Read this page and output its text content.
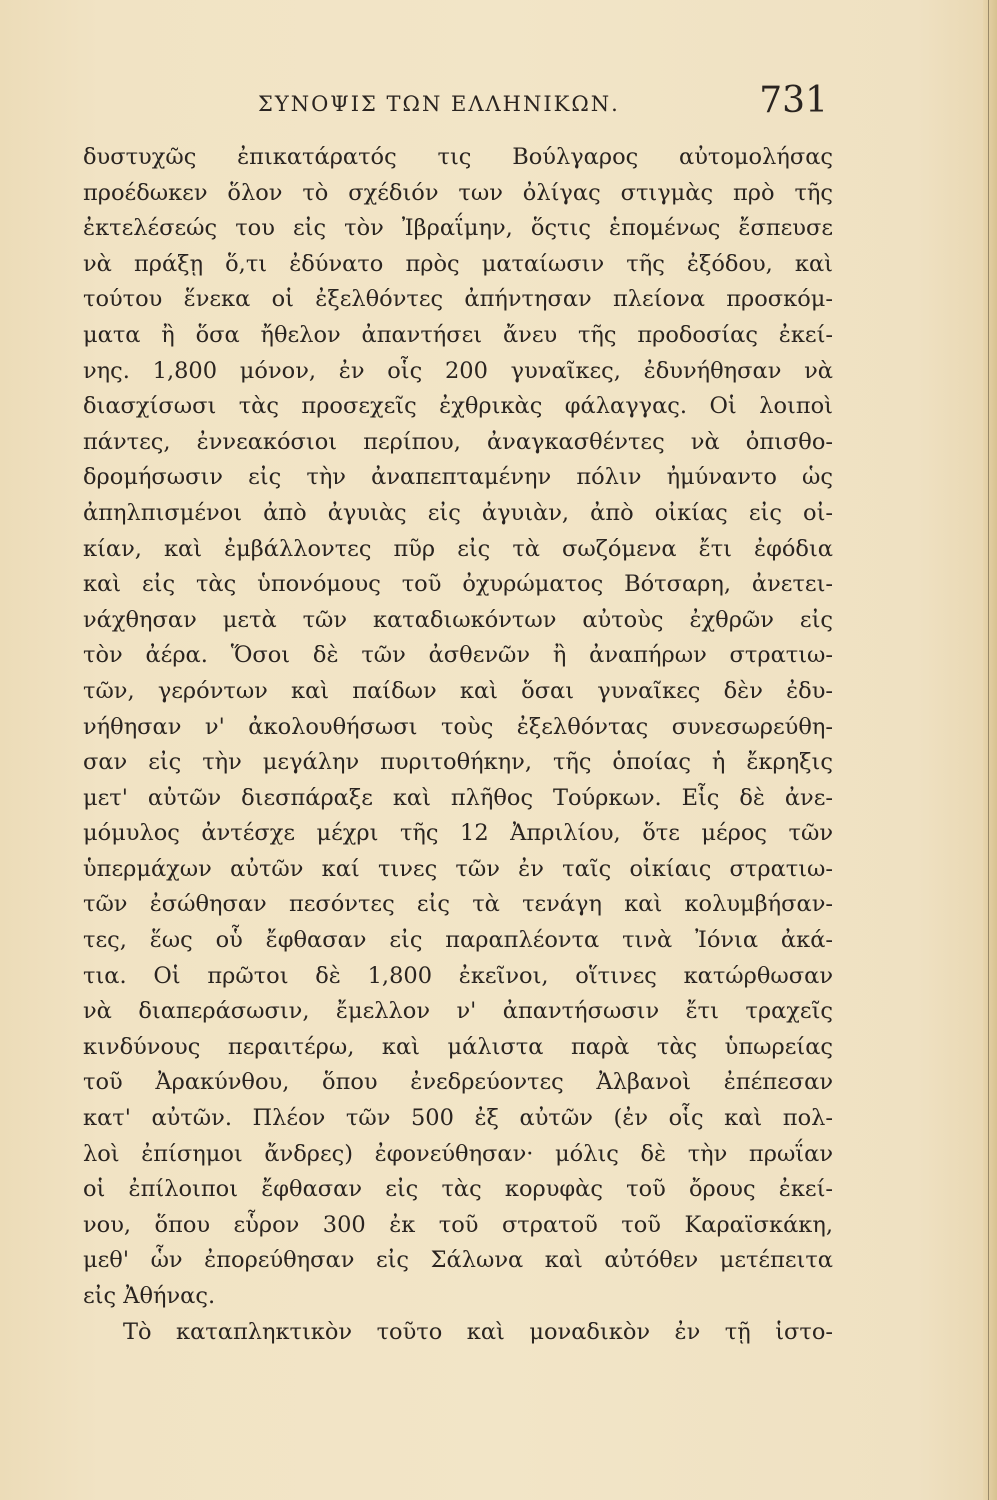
ΣΥΝΟΨΙΣ ΤΩΝ ΕΛΛΗΝΙΚΩΝ.	731
δυστυχῶς ἐπικατάρατός τις Βούλγαρος αὐτομολήσας
προέδωκεν ὅλον τὸ σχέδιόν των ὀλίγας στιγμὰς πρὸ τῆς
ἐκτελέσεώς του εἰς τὸν Ἰβραΐμην, ὅςτις ἑπομένως ἔσπευσε
νὰ πράξῃ ὅ,τι ἐδύνατο πρὸς ματαίωσιν τῆς ἐξόδου, καὶ
τούτου ἕνεκα οἱ ἐξελθόντες ἀπήντησαν πλείονα προσκόμ-
ματα ἢ ὅσα ἤθελον ἀπαντήσει ἄνευ τῆς προδοσίας ἐκεί-
νης. 1,800 μόνον, ἐν οἷς 200 γυναῖκες, ἐδυνήθησαν νὰ
διασχίσωσι τὰς προσεχεῖς ἐχθρικὰς φάλαγγας. Οἱ λοιποὶ
πάντες, ἐννεακόσιοι περίπου, ἀναγκασθέντες νὰ ὀπισθο-
δρομήσωσιν εἰς τὴν ἀναπεπταμένην πόλιν ἠμύναντο ὡς
ἀπηλπισμένοι ἀπὸ ἀγυιὰς εἰς ἀγυιὰν, ἀπὸ οἰκίας εἰς οἰ-
κίαν, καὶ ἐμβάλλοντες πῦρ εἰς τὰ σωζόμενα ἔτι ἐφόδια
καὶ εἰς τὰς ὑπονόμους τοῦ ὀχυρώματος Βότσαρη, ἀνετει-
νάχθησαν μετὰ τῶν καταδιωκόντων αὐτοὺς ἐχθρῶν εἰς
τὸν ἀέρα. Ὅσοι δὲ τῶν ἀσθενῶν ἢ ἀναπήρων στρατιω-
τῶν, γερόντων καὶ παίδων καὶ ὅσαι γυναῖκες δὲν ἐδυ-
νήθησαν ν' ἀκολουθήσωσι τοὺς ἐξελθόντας συνεσωρεύθη-
σαν εἰς τὴν μεγάλην πυριτοθήκην, τῆς ὁποίας ἡ ἔκρηξις
μετ' αὐτῶν διεσπάραξε καὶ πλῆθος Τούρκων. Εἷς δὲ ἀνε-
μόμυλος ἀντέσχε μέχρι τῆς 12 Ἀπριλίου, ὅτε μέρος τῶν
ὑπερμάχων αὐτῶν καί τινες τῶν ἐν ταῖς οἰκίαις στρατιω-
τῶν ἐσώθησαν πεσόντες εἰς τὰ τενάγη καὶ κολυμβήσαν-
τες, ἕως οὗ ἔφθασαν εἰς παραπλέοντα τινὰ Ἰόνια ἀκά-
τια. Οἱ πρῶτοι δὲ 1,800 ἐκεῖνοι, οἵτινες κατώρθωσαν
νὰ διαπεράσωσιν, ἔμελλον ν' ἀπαντήσωσιν ἔτι τραχεῖς
κινδύνους περαιτέρω, καὶ μάλιστα παρὰ τὰς ὑπωρείας
τοῦ Ἀρακύνθου, ὅπου ἐνεδρεύοντες Ἀλβανοὶ ἐπέπεσαν
κατ' αὐτῶν. Πλέον τῶν 500 ἐξ αὐτῶν (ἐν οἷς καὶ πολ-
λοὶ ἐπίσημοι ἄνδρες) ἐφονεύθησαν· μόλις δὲ τὴν πρωΐαν
οἱ ἐπίλοιποι ἔφθασαν εἰς τὰς κορυφὰς τοῦ ὄρους ἐκεί-
νου, ὅπου εὗρον 300 ἐκ τοῦ στρατοῦ τοῦ Καραϊσκάκη,
μεθ' ὧν ἐπορεύθησαν εἰς Σάλωνα καὶ αὐτόθεν μετέπειτα
εἰς Ἀθήνας.
Τὸ καταπληκτικὸν τοῦτο καὶ μοναδικὸν ἐν τῇ ἱστο-
